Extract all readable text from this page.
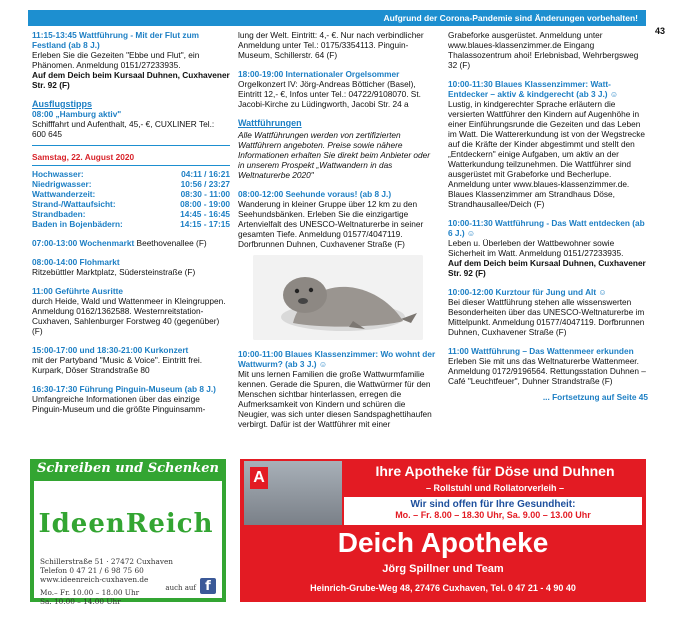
Aufgrund der Corona-Pandemie sind Änderungen vorbehalten!
43
11:15-13:45 Wattführung - Mit der Flut zum Festland (ab 8 J.)
Erleben Sie die Gezeiten "Ebbe und Flut", ein Phänomen. Anmeldung 0151/27233935.
Auf dem Deich beim Kursaal Duhnen, Cuxhavener Str. 92 (F)
Ausflugstipps
08:00 „Hamburg aktiv"
Schifffahrt und Aufenthalt, 45,- €, CUXLINER Tel.: 600 645
Samstag, 22. August 2020
Hochwasser:	04:11 / 16:21
Niedrigwasser:	10:56 / 23:27
Wattwanderzeit:	08:30 - 11:00
Strand-/Wattaufsicht:	08:00 - 19:00
Strandbaden:	14:45 - 16:45
Baden in Bojenbädern:	14:15 - 17:15
07:00-13:00 Wochenmarkt Beethovenallee (F)
08:00-14:00 Flohmarkt
Ritzebüttler Marktplatz, Südersteinstraße (F)
11:00 Geführte Ausritte
durch Heide, Wald und Wattenmeer in Kleingruppen. Anmeldung 0162/1362588. Westernreitstation-Cuxhaven, Sahlenburger Forstweg 40 (gegenüber) (F)
15:00-17:00 und 18:30-21:00 Kurkonzert
mit der Partyband "Music & Voice". Eintritt frei. Kurpark, Döser Strandstraße 80
16:30-17:30 Führung Pinguin-Museum (ab 8 J.)
Umfangreiche Informationen über das einzige Pinguin-Museum und die größte Pinguinsamm-
lung der Welt. Eintritt: 4,- €. Nur nach verbindlicher Anmeldung unter Tel.: 0175/3354113. Pinguin-Museum, Schillerstr. 64 (F)
18:00-19:00 Internationaler Orgelsommer
Orgelkonzert IV: Jörg-Andreas Bötticher (Basel), Eintritt 12,- €, Infos unter Tel.: 04722/9108070. St. Jacobi-Kirche zu Lüdingworth, Jacobi Str. 24 a
Wattführungen
Alle Wattführungen werden von zertifizierten Wattführern angeboten. Preise sowie nähere Informationen erhalten Sie direkt beim Anbieter oder in unserem Prospekt „Wattwandern in das Weltnaturerbe 2020"
08:00-12:00 Seehunde voraus! (ab 8 J.)
Wanderung in kleiner Gruppe über 12 km zu den Seehundsbänken. Erleben Sie die einzigartige Artenvielfalt des UNESCO-Weltnaturerbe in seiner gesamten Tiefe. Anmeldung 01577/4047119. Dorfbrunnen Duhnen, Cuxhavener Straße (F)
10:00-11:00 Blaues Klassenzimmer: Wo wohnt der Wattwurm? (ab 3 J.) ☺
Mit uns lernen Familien die große Wattwurmfamilie kennen. Gerade die Spuren, die Wattwürmer für den Menschen sichtbar hinterlassen, erregen die Aufmerksamkeit von Kindern und schüren die Neugier, was sich unter diesen Sandspaghettihaufen verbirgt. Dafür ist der Wattführer mit einer
Grabeforke ausgerüstet. Anmeldung unter www.blaues-klassenzimmer.de Eingang Thalassozentrum ahoi! Erlebnisbad, Wehrbergsweg 32 (F)
10:00-11:30 Blaues Klassenzimmer: Watt-Entdecker – aktiv & kindgerecht (ab 3 J.) ☺
Lustig, in kindgerechter Sprache erläutern die versierten Wattführer den Kindern auf Augenhöhe in einer Einführungsrunde die Gezeiten und das Leben im Watt. Die Wattererkundung ist von der Wegstrecke auf die Kräfte der Kinder abgestimmt und stellt den „Entdeckern" einige Aufgaben, um aktiv an der Watterkundung teilzunehmen. Die Wattführer sind ausgerüstet mit Grabeforke und Becherlupe. Anmeldung unter www.blaues-klassenzimmer.de. Blaues Klassenzimmer am Strandhaus Döse, Strandhausallee/Deich (F)
10:00-11:30 Wattführung - Das Watt entdecken (ab 6 J.) ☺
Leben u. Überleben der Wattbewohner sowie Sicherheit im Watt. Anmeldung 0151/27233935.
Auf dem Deich beim Kursaal Duhnen, Cuxhavener Str. 92 (F)
10:00-12:00 Kurztour für Jung und Alt ☺
Bei dieser Wattführung stehen alle wissenswerten Besonderheiten über das UNESCO-Weltnaturerbe im Mittelpunkt. Anmeldung 01577/4047119. Dorfbrunnen Duhnen, Cuxhavener Straße (F)
11:00 Wattführung – Das Wattenmeer erkunden
Erleben Sie mit uns das Weltnaturerbe Wattenmeer. Anmeldung 0172/9196564. Rettungsstation Duhnen – Café "Leuchtfeuer", Duhner Strandstraße (F)
... Fortsetzung auf Seite 45
Schreiben und Schenken
IdeenReich
Schillerstraße 51 · 27472 Cuxhaven
Telefon 0 47 21 / 6 98 75 60
www.ideenreich-cuxhaven.de
Mo.– Fr. 10.00 – 18.00 Uhr
Sa. 10.00 – 14.00 Uhr
auch auf f
A	Ihre Apotheke für Döse und Duhnen
– Rollstuhl und Rollatorverleih –
Wir sind offen für Ihre Gesundheit:
Mo. – Fr. 8.00 – 18.30 Uhr, Sa. 9.00 – 13.00 Uhr
Deich Apotheke
Jörg Spillner und Team
Heinrich-Grube-Weg 48, 27476 Cuxhaven, Tel. 0 47 21 - 4 90 40
